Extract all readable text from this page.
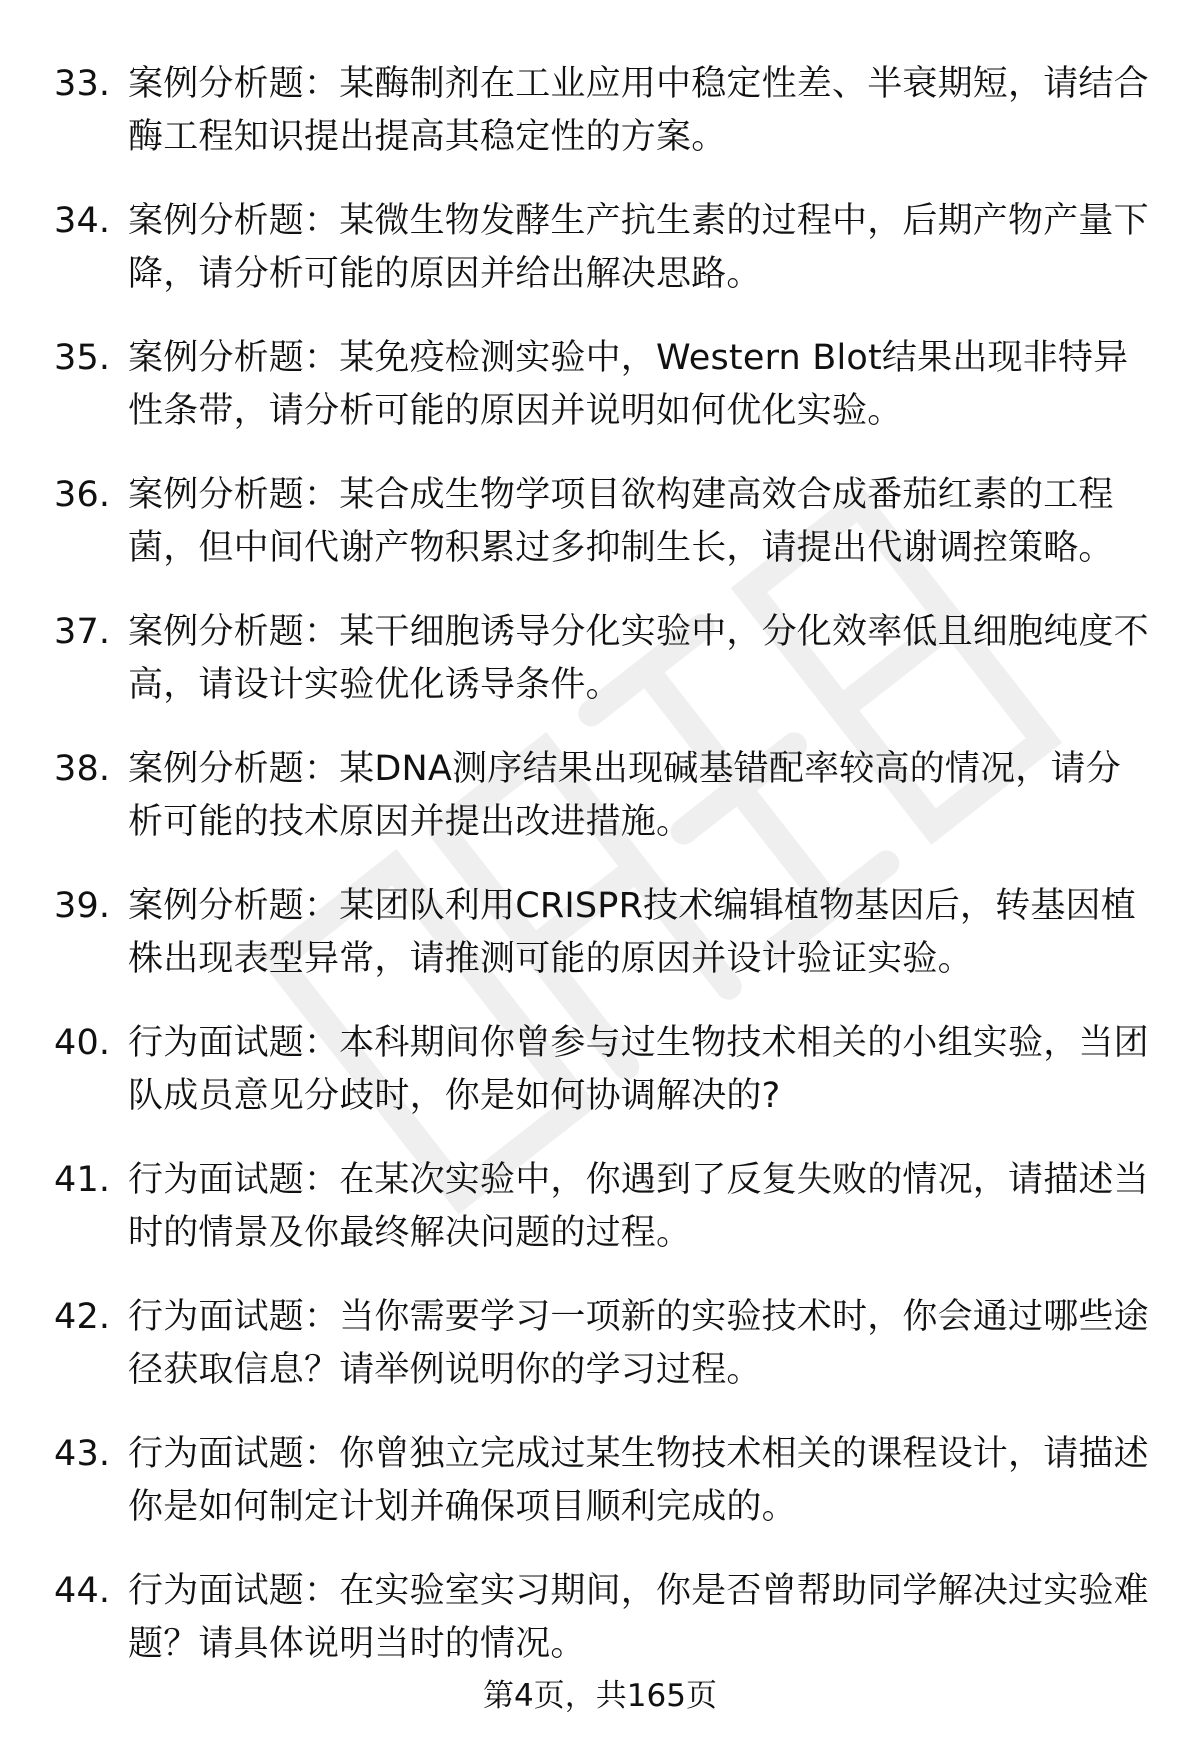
33. 案例分析题：某酶制剂在工业应用中稳定性差、半衰期短，请结合酶工程知识提出提高其稳定性的方案。
34. 案例分析题：某微生物发酵生产抗生素的过程中，后期产物产量下降，请分析可能的原因并给出解决思路。
35. 案例分析题：某免疫检测实验中，Western Blot结果出现非特异性条带，请分析可能的原因并说明如何优化实验。
36. 案例分析题：某合成生物学项目欲构建高效合成番茄红素的工程菌，但中间代谢产物积累过多抑制生长，请提出代谢调控策略。
37. 案例分析题：某干细胞诱导分化实验中，分化效率低且细胞纯度不高，请设计实验优化诱导条件。
38. 案例分析题：某DNA测序结果出现碱基错配率较高的情况，请分析可能的技术原因并提出改进措施。
39. 案例分析题：某团队利用CRISPR技术编辑植物基因后，转基因植株出现表型异常，请推测可能的原因并设计验证实验。
40. 行为面试题：本科期间你曾参与过生物技术相关的小组实验，当团队成员意见分歧时，你是如何协调解决的?
41. 行为面试题：在某次实验中，你遇到了反复失败的情况，请描述当时的情景及你最终解决问题的过程。
42. 行为面试题：当你需要学习一项新的实验技术时，你会通过哪些途径获取信息？请举例说明你的学习过程。
43. 行为面试题：你曾独立完成过某生物技术相关的课程设计，请描述你是如何制定计划并确保项目顺利完成的。
44. 行为面试题：在实验室实习期间，你是否曾帮助同学解决过实验难题？请具体说明当时的情况。
第4页，共165页
